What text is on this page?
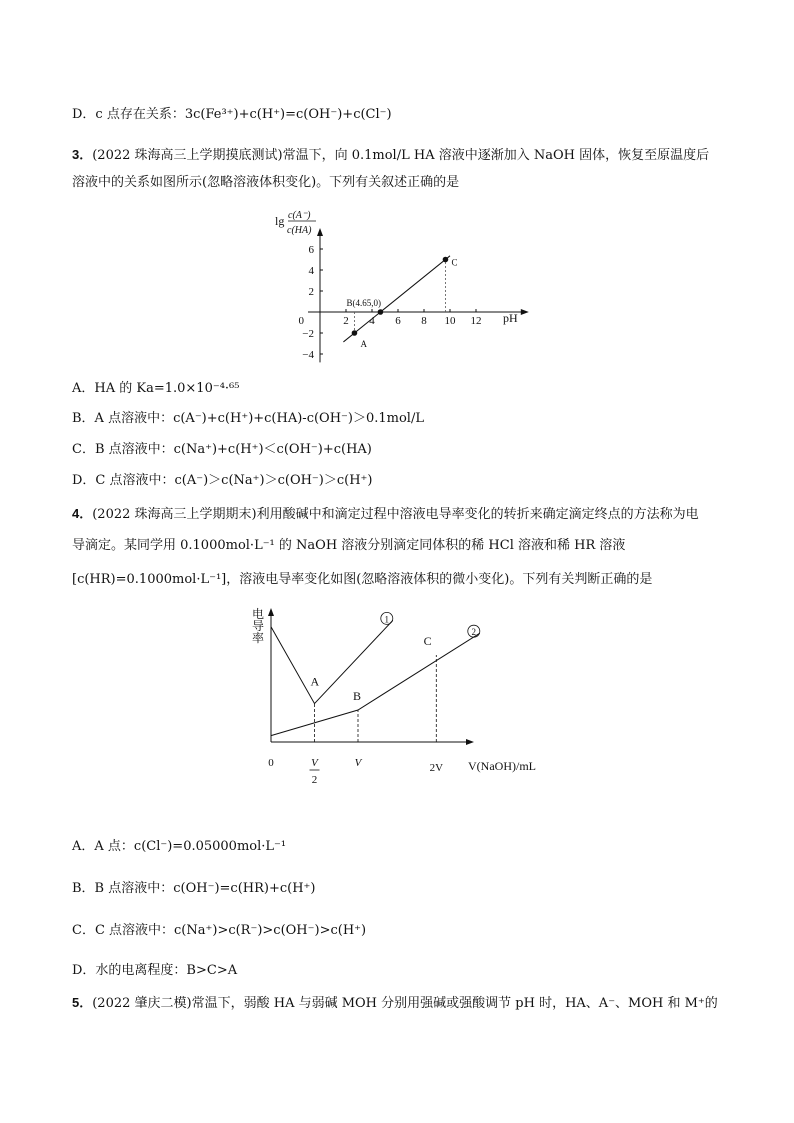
D．c 点存在关系：3c(Fe³⁺)+c(H⁺)=c(OH⁻)+c(Cl⁻)
3．(2022 珠海高三上学期摸底测试)常温下，向 0.1mol/L HA 溶液中逐渐加入 NaOH 固体，恢复至原温度后
溶液中的关系如图所示(忽略溶液体积变化)。下列有关叙述正确的是
lg c(A⁻)
c(HA)
2 4 6 8 10 12
6
4
2
0
−2
−4
A
B(4.65,0)
C
pH
A．HA 的 Ka=1.0×10⁻⁴·⁶⁵
B．A 点溶液中：c(A⁻)+c(H⁺)+c(HA)-c(OH⁻)＞0.1mol/L
C．B 点溶液中：c(Na⁺)+c(H⁺)＜c(OH⁻)+c(HA)
D．C 点溶液中：c(A⁻)＞c(Na⁺)＞c(OH⁻)＞c(H⁺)
4．(2022 珠海高三上学期期末)利用酸碱中和滴定过程中溶液电导率变化的转折来确定滴定终点的方法称为电
导滴定。某同学用 0.1000mol·L⁻¹ 的 NaOH 溶液分别滴定同体积的稀 HCl 溶液和稀 HR 溶液
[c(HR)=0.1000mol·L⁻¹]，溶液电导率变化如图(忽略溶液体积的微小变化)。下列有关判断正确的是
电
导
率
V(NaOH)/mL
0	V
2
V	2V
1
2
A
B
C
A．A 点：c(Cl⁻)=0.05000mol·L⁻¹
B．B 点溶液中：c(OH⁻)=c(HR)+c(H⁺)
C．C 点溶液中：c(Na⁺)>c(R⁻)>c(OH⁻)>c(H⁺)
D．水的电离程度：B>C>A
5．(2022 肇庆二模)常温下，弱酸 HA 与弱碱 MOH 分别用强碱或强酸调节 pH 时，HA、A⁻、MOH 和 M⁺的
